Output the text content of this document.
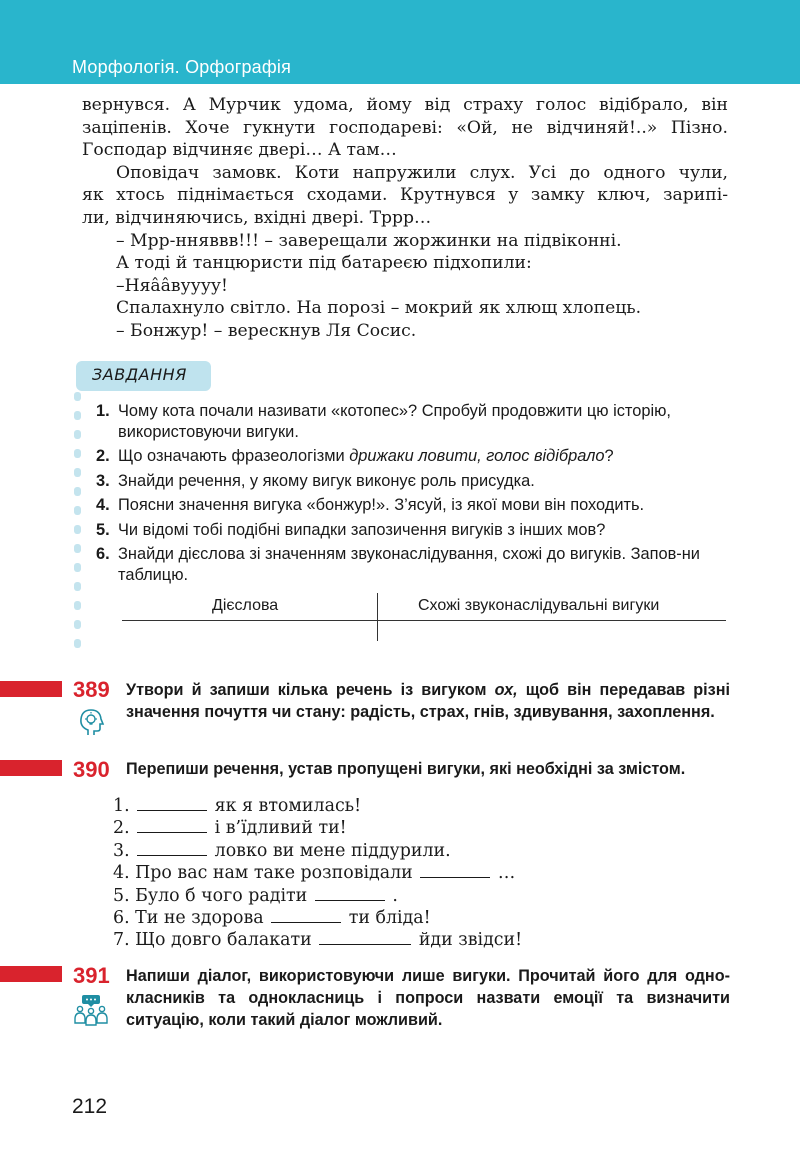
Морфологія. Орфографія

вернувся. А Мурчик удома, йому від страху голос відібрало, він

заціпенів. Хоче гукнути господареві: «Ой, не відчиняй!..» Пізно.

Господар відчиняє двері… А там…

Оповідач замовк. Коти напружили слух. Усі до одного чули,

як хтось піднімається сходами. Крутнувся у замку ключ, зарипі-

ли, відчиняючись, вхідні двері. Тррр…

– Мрр-нняввв!!! – заверещали жоржинки на підвіконні.

А тоді й танцюристи під батареєю підхопили:

–Няââвуууу!

Спалахнуло світло. На порозі – мокрий як хлющ хлопець.

– Бонжур! – верескнув Ля Сосис.

ЗАВДАННЯ
1. Чому кота почали називати «котопес»? Спробуй продовжити цю історію, використовуючи вигуки.
2. Що означають фразеологізми дрижаки ловити, голос відібрало?
3. Знайди речення, у якому вигук виконує роль присудка.
4. Поясни значення вигука «бонжур!». З’ясуй, із якої мови він походить.
5. Чи відомі тобі подібні випадки запозичення вигуків з інших мов?
6. Знайди дієслова зі значенням звуконаслідування, схожі до вигуків. Запов-ни таблицю.
Дієслова	Схожі звуконаслідувальні вигуки
389 Утвори й запиши кілька речень із вигуком ох, щоб він передавав різні значення почуття чи стану: радість, страх, гнів, здивування, захоплення.
390 Перепиши речення, устав пропущені вигуки, які необхідні за змістом.
1.	як я втомилась!
2.	і в’їдливий ти!
3.	ловко ви мене піддурили.
4. Про вас нам таке розповідали	…
5. Було б чого радіти	.
6. Ти не здорова	ти бліда!
7. Що довго балакати	йди звідси!
391 Напиши діалог, використовуючи лише вигуки. Прочитай його для одно-класників та однокласниць і попроси назвати емоції та визначити ситуацію, коли такий діалог можливий.
212
